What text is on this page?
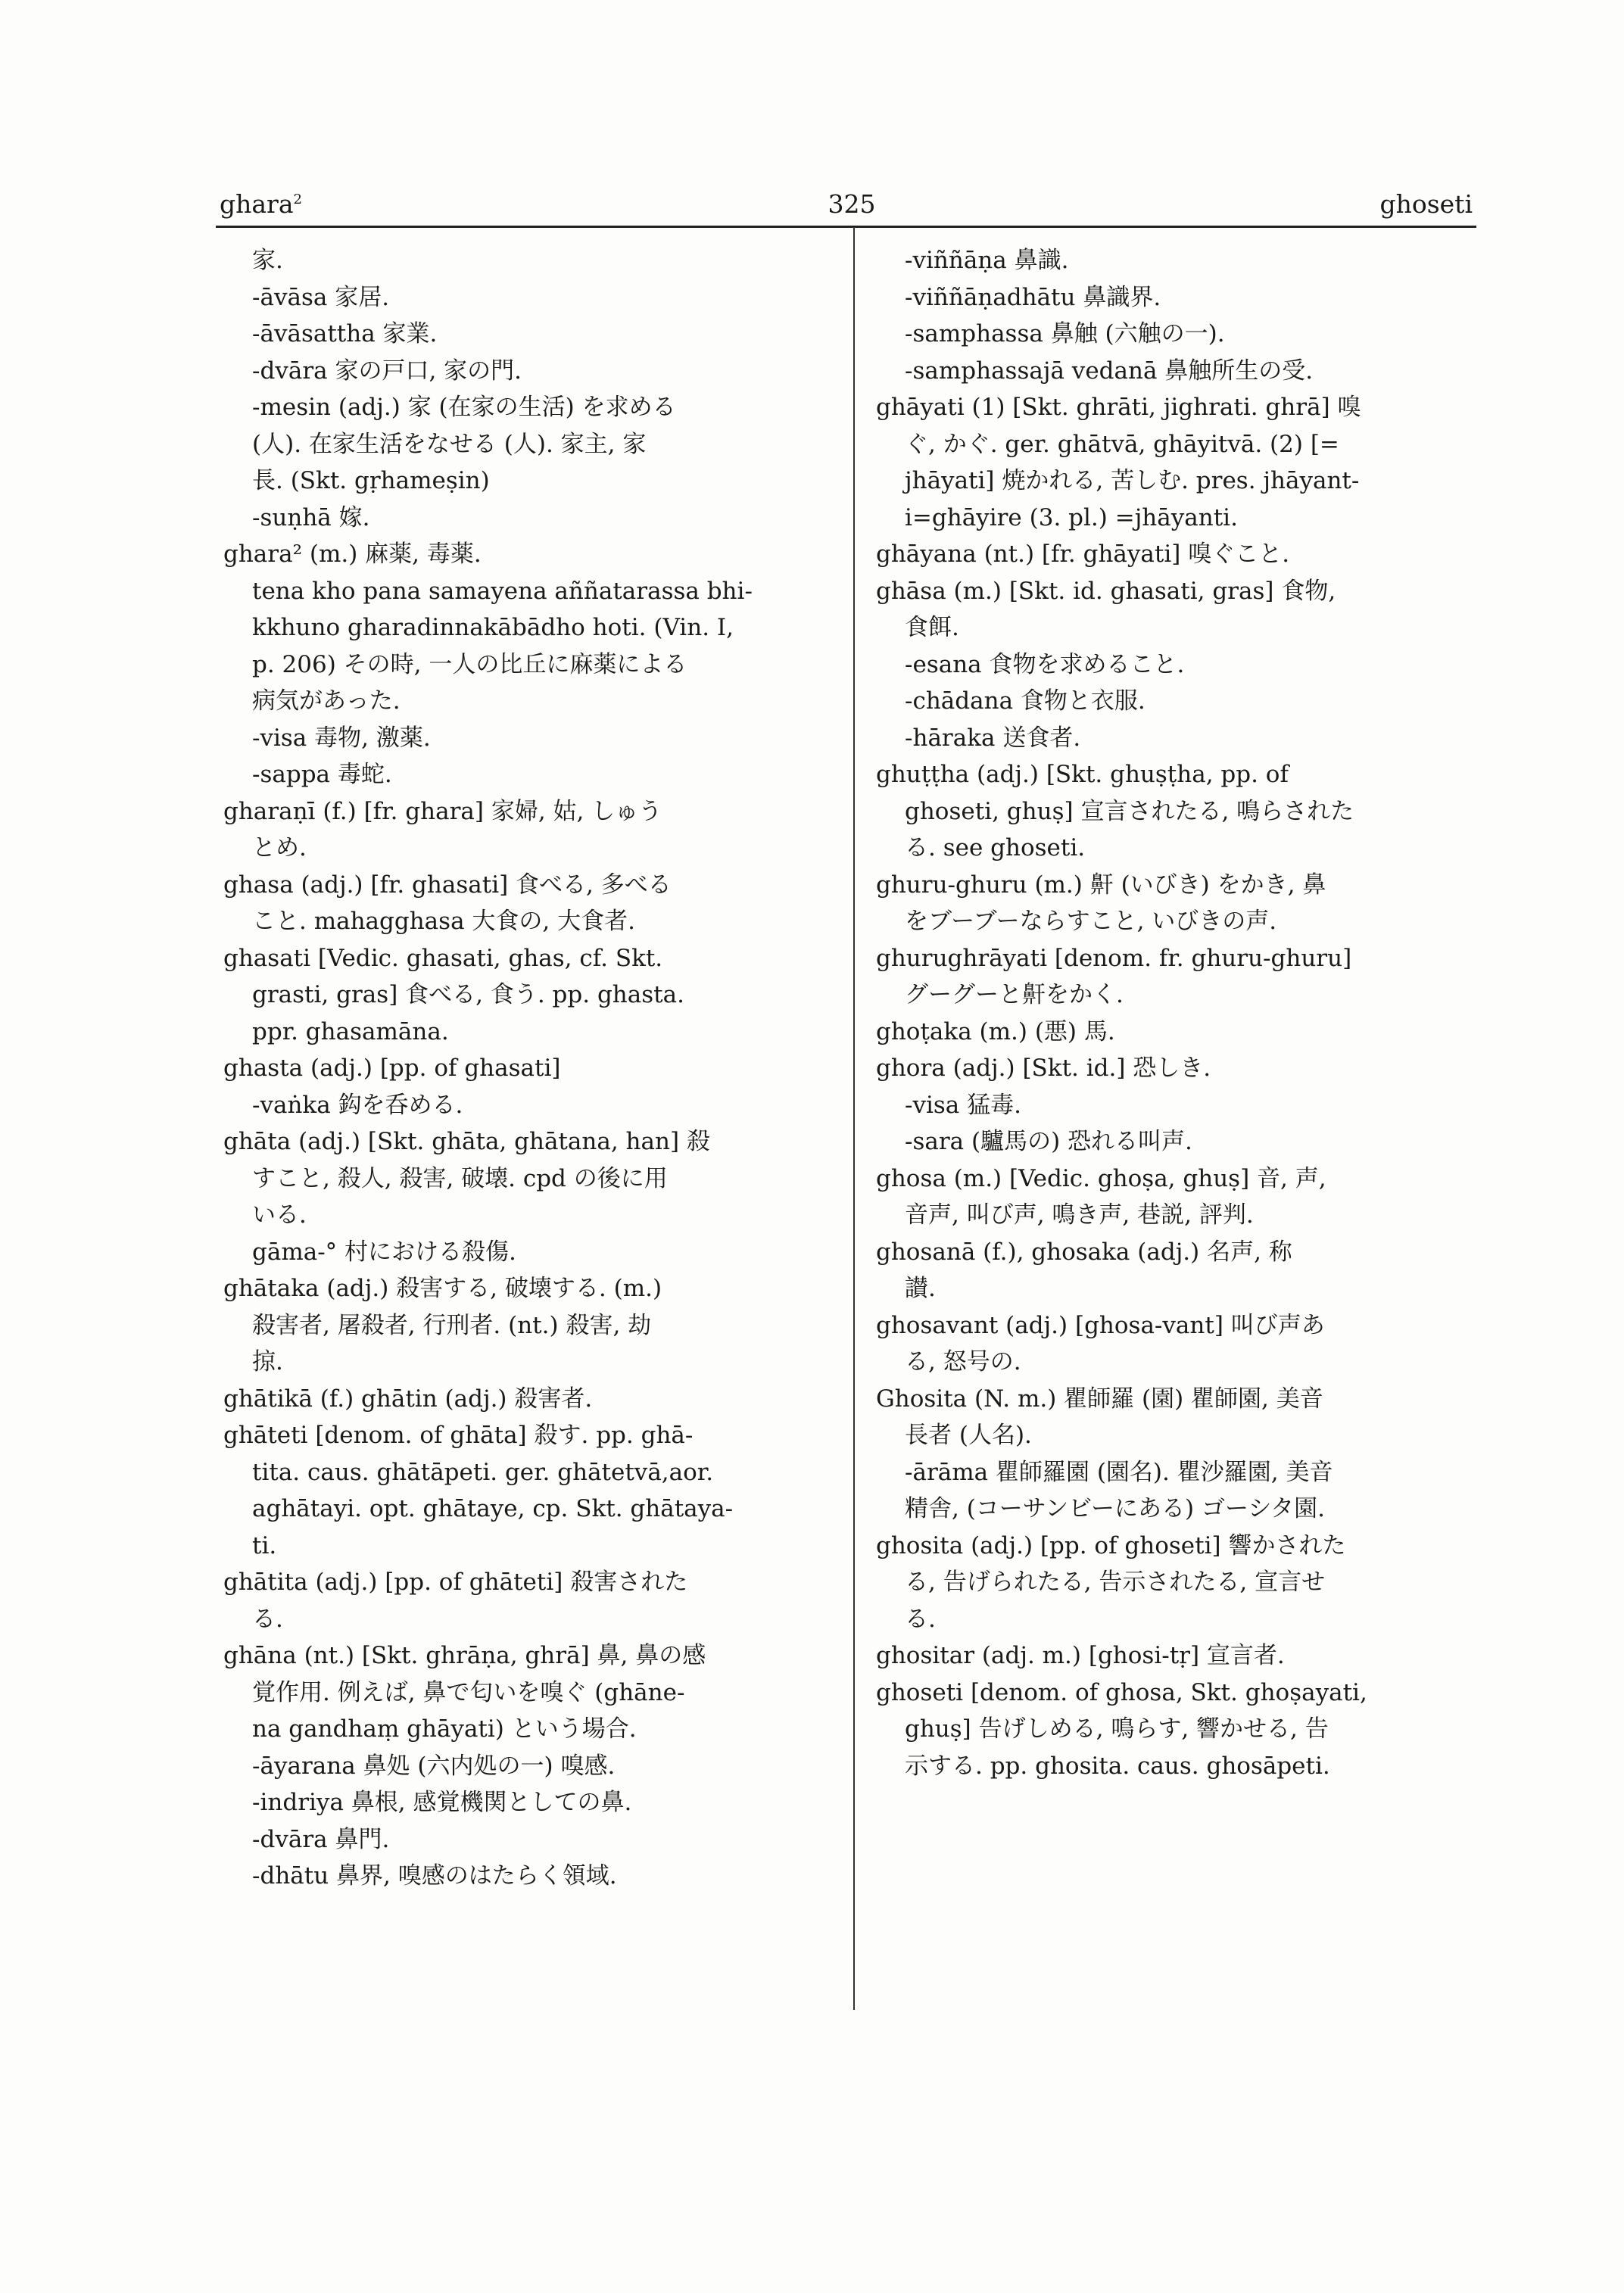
ghara$^2$	325	ghoseti
家.
-āvāsa 家居.
-āvāsattha 家業.
-dvāra 家の戸口, 家の門.
-mesin (adj.) 家 (在家の生活) を求める
(人). 在家生活をなせる (人). 家主, 家
長. (Skt. gṛhameṣin)
-suṇhā 嫁.
ghara² (m.) 麻薬, 毒薬.
tena kho pana samayena aññatarassa bhi-
kkhuno gharadinnakābādho hoti. (Vin. I,
p. 206) その時, 一人の比丘に麻薬による
病気があった.
-visa 毒物, 激薬.
-sappa 毒蛇.
gharaṇī (f.) [fr. ghara] 家婦, 姑, しゅう
とめ.
ghasa (adj.) [fr. ghasati] 食べる, 多べる
こと. mahagghasa 大食の, 大食者.
ghasati [Vedic. ghasati, ghas, cf. Skt.
grasti, gras] 食べる, 食う. pp. ghasta.
ppr. ghasamāna.
ghasta (adj.) [pp. of ghasati]
-vaṅka 鈎を呑める.
ghāta (adj.) [Skt. ghāta, ghātana, han] 殺
すこと, 殺人, 殺害, 破壊. cpd の後に用
いる.
gāma-° 村における殺傷.
ghātaka (adj.) 殺害する, 破壊する. (m.)
殺害者, 屠殺者, 行刑者. (nt.) 殺害, 劫
掠.
ghātikā (f.) ghātin (adj.) 殺害者.
ghāteti [denom. of ghāta] 殺す. pp. ghā-
tita. caus. ghātāpeti. ger. ghātetvā,aor.
aghātayi. opt. ghātaye, cp. Skt. ghātaya-
ti.
ghātita (adj.) [pp. of ghāteti] 殺害された
る.
ghāna (nt.) [Skt. ghrāṇa, ghrā] 鼻, 鼻の感
覚作用. 例えば, 鼻で匂いを嗅ぐ (ghāne-
na gandhaṃ ghāyati) という場合.
-āyarana 鼻処 (六内処の一) 嗅感.
-indriya 鼻根, 感覚機関としての鼻.
-dvāra 鼻門.
-dhātu 鼻界, 嗅感のはたらく領域.
-viññāṇa 鼻識.
-viññāṇadhātu 鼻識界.
-samphassa 鼻触 (六触の一).
-samphassajā vedanā 鼻触所生の受.
ghāyati (1) [Skt. ghrāti, jighrati. ghrā] 嗅
ぐ, かぐ. ger. ghātvā, ghāyitvā. (2) [=
jhāyati] 焼かれる, 苦しむ. pres. jhāyant-
i=ghāyire (3. pl.) =jhāyanti.
ghāyana (nt.) [fr. ghāyati] 嗅ぐこと.
ghāsa (m.) [Skt. id. ghasati, gras] 食物,
食餌.
-esana 食物を求めること.
-chādana 食物と衣服.
-hāraka 送食者.
ghuṭṭha (adj.) [Skt. ghuṣṭha, pp. of
ghoseti, ghuṣ] 宣言されたる, 鳴らされた
る. see ghoseti.
ghuru-ghuru (m.) 鼾 (いびき) をかき, 鼻
をブーブーならすこと, いびきの声.
ghurughrāyati [denom. fr. ghuru-ghuru]
グーグーと鼾をかく.
ghoṭaka (m.) (悪) 馬.
ghora (adj.) [Skt. id.] 恐しき.
-visa 猛毒.
-sara (驢馬の) 恐れる叫声.
ghosa (m.) [Vedic. ghoṣa, ghuṣ] 音, 声,
音声, 叫び声, 鳴き声, 巷説, 評判.
ghosanā (f.), ghosaka (adj.) 名声, 称
讃.
ghosavant (adj.) [ghosa-vant] 叫び声あ
る, 怒号の.
Ghosita (N. m.) 瞿師羅 (園) 瞿師園, 美音
長者 (人名).
-ārāma 瞿師羅園 (園名). 瞿沙羅園, 美音
精舎, (コーサンビーにある) ゴーシタ園.
ghosita (adj.) [pp. of ghoseti] 響かされた
る, 告げられたる, 告示されたる, 宣言せ
る.
ghositar (adj. m.) [ghosi-tṛ] 宣言者.
ghoseti [denom. of ghosa, Skt. ghoṣayati,
ghuṣ] 告げしめる, 鳴らす, 響かせる, 告
示する. pp. ghosita. caus. ghosāpeti.
